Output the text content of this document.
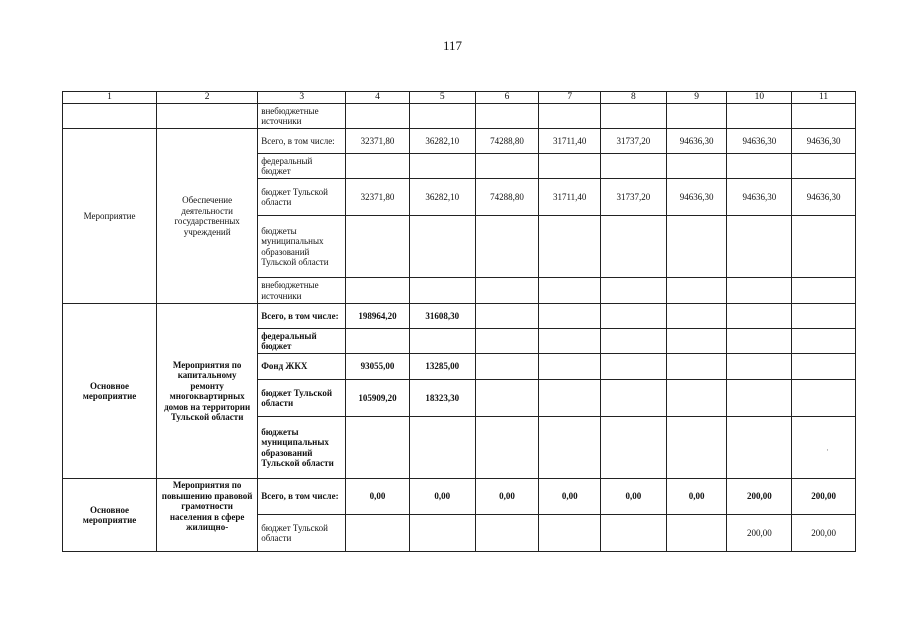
117
1	2	3	4	5	6	7	8	9	10	11
		внебюджетные источники								
Мероприятие	Обеспечение деятельности государственных учреждений	Всего, в том числе:	32371,80	36282,10	74288,80	31711,40	31737,20	94636,30	94636,30	94636,30
		федеральный бюджет								
		бюджет Тульской области	32371,80	36282,10	74288,80	31711,40	31737,20	94636,30	94636,30	94636,30
		бюджеты муниципальных образований Тульской области								
		внебюджетные источники								
Основное мероприятие	Мероприятия по капитальному ремонту многоквартирных домов на территории Тульской области	Всего, в том числе:	198964,20	31608,30						
		федеральный бюджет								
		Фонд ЖКХ	93055,00	13285,00						
		бюджет Тульской области	105909,20	18323,30						
		бюджеты муниципальных образований Тульской области								
Основное мероприятие	Мероприятия по повышению правовой грамотности населения в сфере жилищно-	Всего, в том числе:	0,00	0,00	0,00	0,00	0,00	0,00	200,00	200,00
		бюджет Тульской области							200,00	200,00
·
